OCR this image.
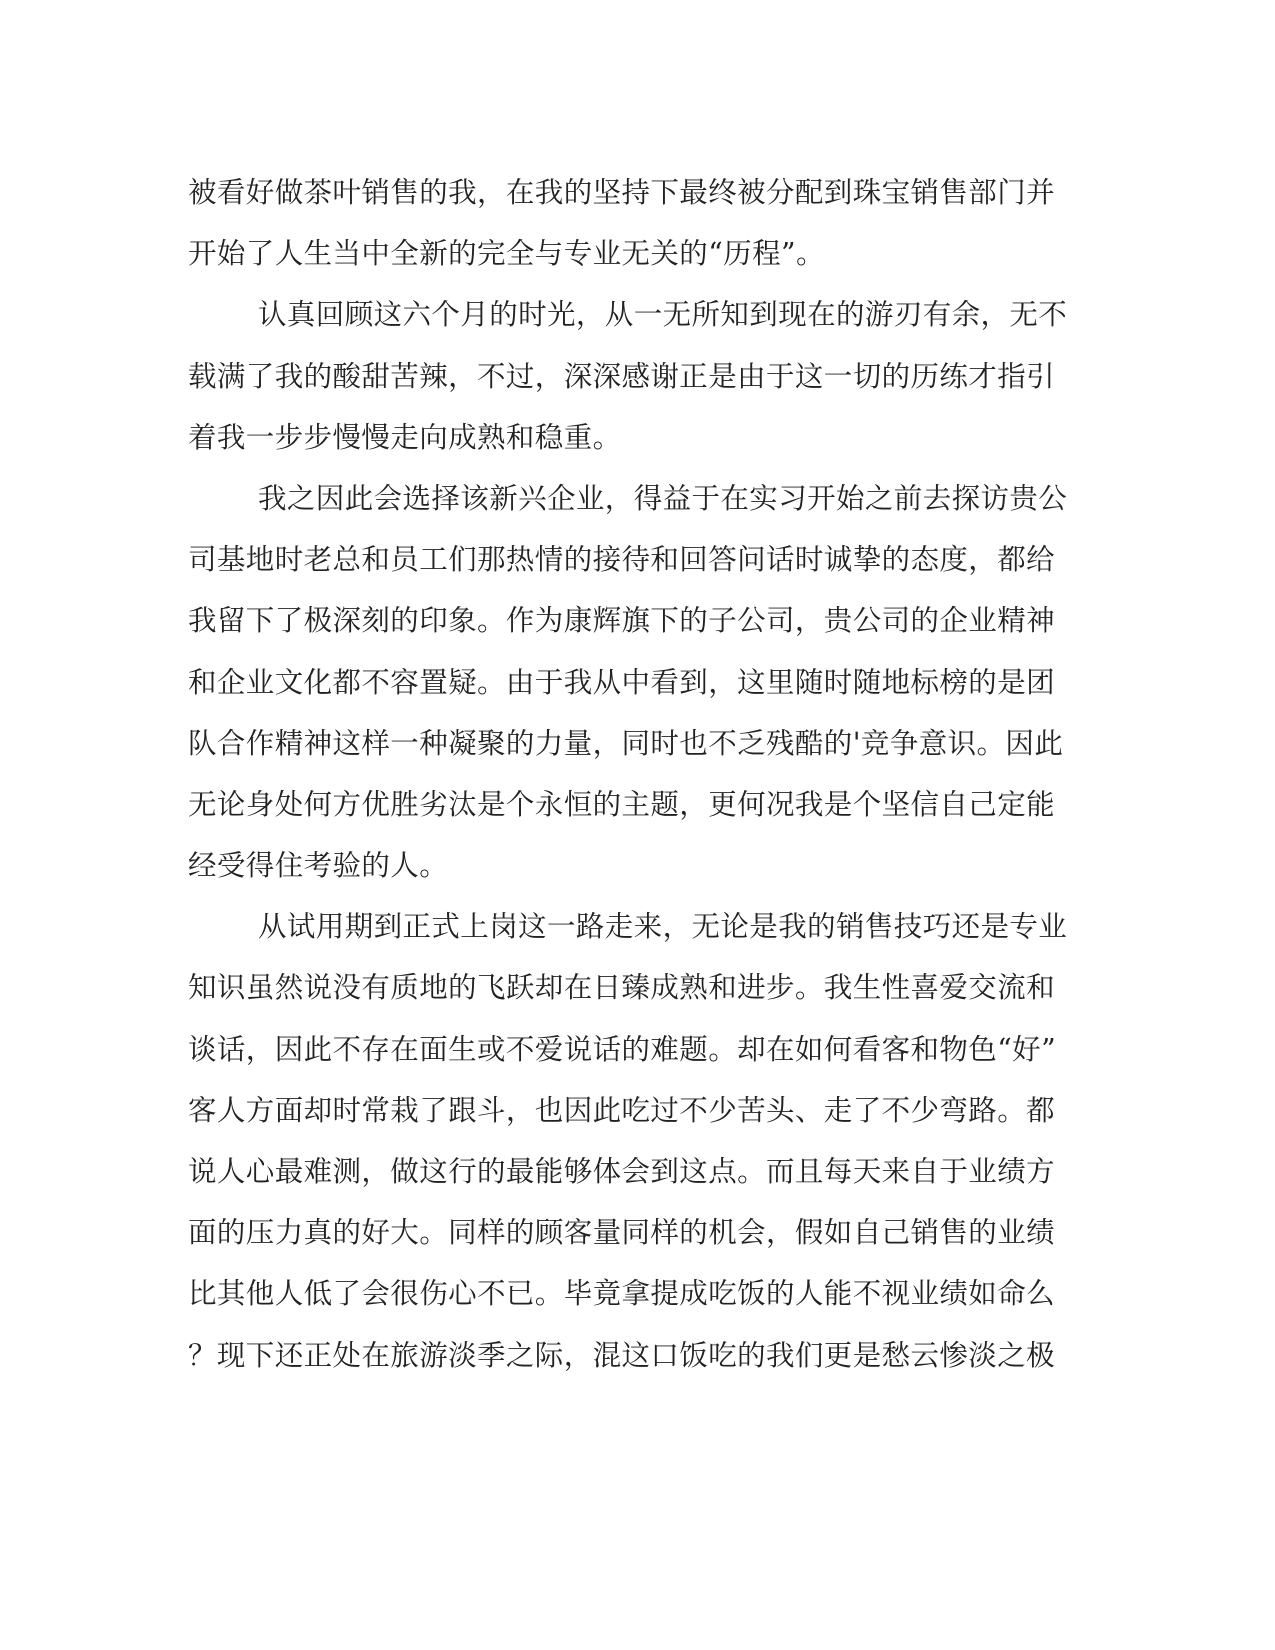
被看好做茶叶销售的我，在我的坚持下最终被分配到珠宝销售部门并
开始了人生当中全新的完全与专业无关的“历程”。
认真回顾这六个月的时光，从一无所知到现在的游刃有余，无不
载满了我的酸甜苦辣，不过，深深感谢正是由于这一切的历练才指引
着我一步步慢慢走向成熟和稳重。
我之因此会选择该新兴企业，得益于在实习开始之前去探访贵公
司基地时老总和员工们那热情的接待和回答问话时诚挚的态度，都给
我留下了极深刻的印象。作为康辉旗下的子公司，贵公司的企业精神
和企业文化都不容置疑。由于我从中看到，这里随时随地标榜的是团
队合作精神这样一种凝聚的力量，同时也不乏残酷的'竞争意识。因此
无论身处何方优胜劣汰是个永恒的主题，更何况我是个坚信自己定能
经受得住考验的人。
从试用期到正式上岗这一路走来，无论是我的销售技巧还是专业
知识虽然说没有质地的飞跃却在日臻成熟和进步。我生性喜爱交流和
谈话，因此不存在面生或不爱说话的难题。却在如何看客和物色“好”
客人方面却时常栽了跟斗，也因此吃过不少苦头、走了不少弯路。都
说人心最难测，做这行的最能够体会到这点。而且每天来自于业绩方
面的压力真的好大。同样的顾客量同样的机会，假如自己销售的业绩
比其他人低了会很伤心不已。毕竟拿提成吃饭的人能不视业绩如命么
？现下还正处在旅游淡季之际，混这口饭吃的我们更是愁云惨淡之极
